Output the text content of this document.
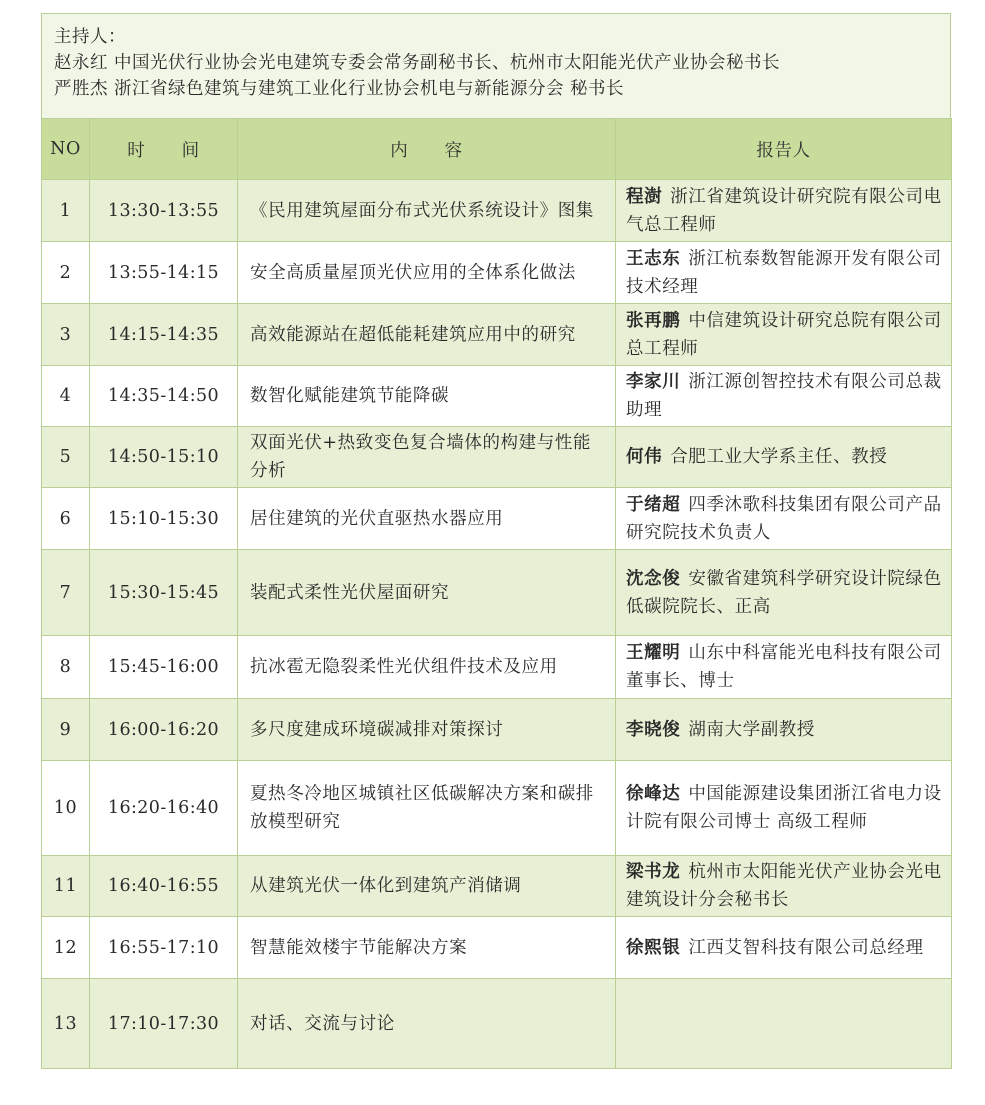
主持人：
赵永红 中国光伏行业协会光电建筑专委会常务副秘书长、杭州市太阳能光伏产业协会秘书长
严胜杰 浙江省绿色建筑与建筑工业化行业协会机电与新能源分会 秘书长
NO	时　　间	内　　容	报告人
1	13:30-13:55	《民用建筑屋面分布式光伏系统设计》图集	程澍 浙江省建筑设计研究院有限公司电气总工程师
2	13:55-14:15	安全高质量屋顶光伏应用的全体系化做法	王志东 浙江杭泰数智能源开发有限公司技术经理
3	14:15-14:35	高效能源站在超低能耗建筑应用中的研究	张再鹏 中信建筑设计研究总院有限公司总工程师
4	14:35-14:50	数智化赋能建筑节能降碳	李家川 浙江源创智控技术有限公司总裁助理
5	14:50-15:10	双面光伏+热致变色复合墙体的构建与性能分析	何伟 合肥工业大学系主任、教授
6	15:10-15:30	居住建筑的光伏直驱热水器应用	于绪超 四季沐歌科技集团有限公司产品研究院技术负责人
7	15:30-15:45	装配式柔性光伏屋面研究	沈念俊 安徽省建筑科学研究设计院绿色低碳院院长、正高
8	15:45-16:00	抗冰雹无隐裂柔性光伏组件技术及应用	王耀明 山东中科富能光电科技有限公司董事长、博士
9	16:00-16:20	多尺度建成环境碳减排对策探讨	李晓俊 湖南大学副教授
10	16:20-16:40	夏热冬冷地区城镇社区低碳解决方案和碳排放模型研究	徐峰达 中国能源建设集团浙江省电力设计院有限公司博士 高级工程师
11	16:40-16:55	从建筑光伏一体化到建筑产消储调	梁书龙 杭州市太阳能光伏产业协会光电建筑设计分会秘书长
12	16:55-17:10	智慧能效楼宇节能解决方案	徐熙银 江西艾智科技有限公司总经理
13	17:10-17:30	对话、交流与讨论	
